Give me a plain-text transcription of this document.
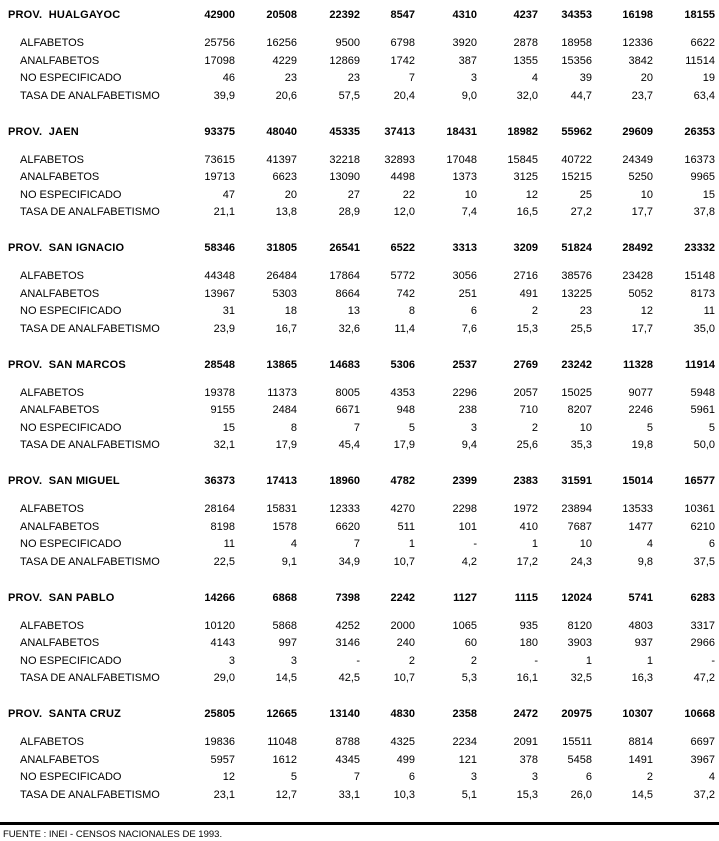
PROV.  HUALGAYOC	42900	20508	22392	8547	4310	4237	34353	16198	18155
ALFABETOS	25756	16256	9500	6798	3920	2878	18958	12336	6622
ANALFABETOS	17098	4229	12869	1742	387	1355	15356	3842	11514
NO ESPECIFICADO	46	23	23	7	3	4	39	20	19
TASA DE ANALFABETISMO	39,9	20,6	57,5	20,4	9,0	32,0	44,7	23,7	63,4
PROV.  JAEN	93375	48040	45335	37413	18431	18982	55962	29609	26353
ALFABETOS	73615	41397	32218	32893	17048	15845	40722	24349	16373
ANALFABETOS	19713	6623	13090	4498	1373	3125	15215	5250	9965
NO ESPECIFICADO	47	20	27	22	10	12	25	10	15
TASA DE ANALFABETISMO	21,1	13,8	28,9	12,0	7,4	16,5	27,2	17,7	37,8
PROV.  SAN IGNACIO	58346	31805	26541	6522	3313	3209	51824	28492	23332
ALFABETOS	44348	26484	17864	5772	3056	2716	38576	23428	15148
ANALFABETOS	13967	5303	8664	742	251	491	13225	5052	8173
NO ESPECIFICADO	31	18	13	8	6	2	23	12	11
TASA DE ANALFABETISMO	23,9	16,7	32,6	11,4	7,6	15,3	25,5	17,7	35,0
PROV.  SAN MARCOS	28548	13865	14683	5306	2537	2769	23242	11328	11914
ALFABETOS	19378	11373	8005	4353	2296	2057	15025	9077	5948
ANALFABETOS	9155	2484	6671	948	238	710	8207	2246	5961
NO ESPECIFICADO	15	8	7	5	3	2	10	5	5
TASA DE ANALFABETISMO	32,1	17,9	45,4	17,9	9,4	25,6	35,3	19,8	50,0
PROV.  SAN MIGUEL	36373	17413	18960	4782	2399	2383	31591	15014	16577
ALFABETOS	28164	15831	12333	4270	2298	1972	23894	13533	10361
ANALFABETOS	8198	1578	6620	511	101	410	7687	1477	6210
NO ESPECIFICADO	11	4	7	1	-	1	10	4	6
TASA DE ANALFABETISMO	22,5	9,1	34,9	10,7	4,2	17,2	24,3	9,8	37,5
PROV.  SAN PABLO	14266	6868	7398	2242	1127	1115	12024	5741	6283
ALFABETOS	10120	5868	4252	2000	1065	935	8120	4803	3317
ANALFABETOS	4143	997	3146	240	60	180	3903	937	2966
NO ESPECIFICADO	3	3	-	2	2	-	1	1	-
TASA DE ANALFABETISMO	29,0	14,5	42,5	10,7	5,3	16,1	32,5	16,3	47,2
PROV.  SANTA CRUZ	25805	12665	13140	4830	2358	2472	20975	10307	10668
ALFABETOS	19836	11048	8788	4325	2234	2091	15511	8814	6697
ANALFABETOS	5957	1612	4345	499	121	378	5458	1491	3967
NO ESPECIFICADO	12	5	7	6	3	3	6	2	4
TASA DE ANALFABETISMO	23,1	12,7	33,1	10,3	5,1	15,3	26,0	14,5	37,2
FUENTE : INEI - CENSOS NACIONALES DE 1993.
